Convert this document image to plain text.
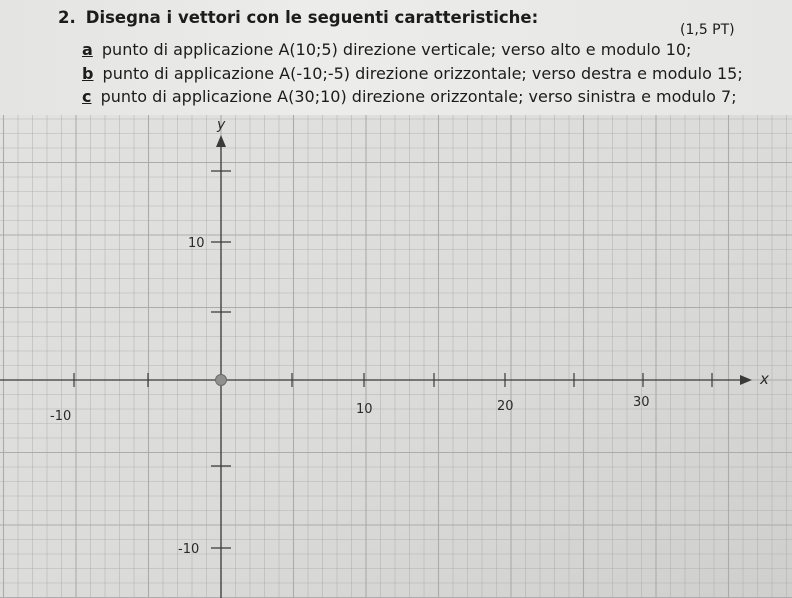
2. Disegna i vettori con le seguenti caratteristiche:
(1,5 PT)
a punto di applicazione A(10;5) direzione verticale; verso alto e modulo 10;
b punto di applicazione A(-10;-5) direzione orizzontale; verso destra e modulo 15;
c punto di applicazione A(30;10) direzione orizzontale; verso sinistra e modulo 7;
x
y
-10	10	20	30
10
-10
